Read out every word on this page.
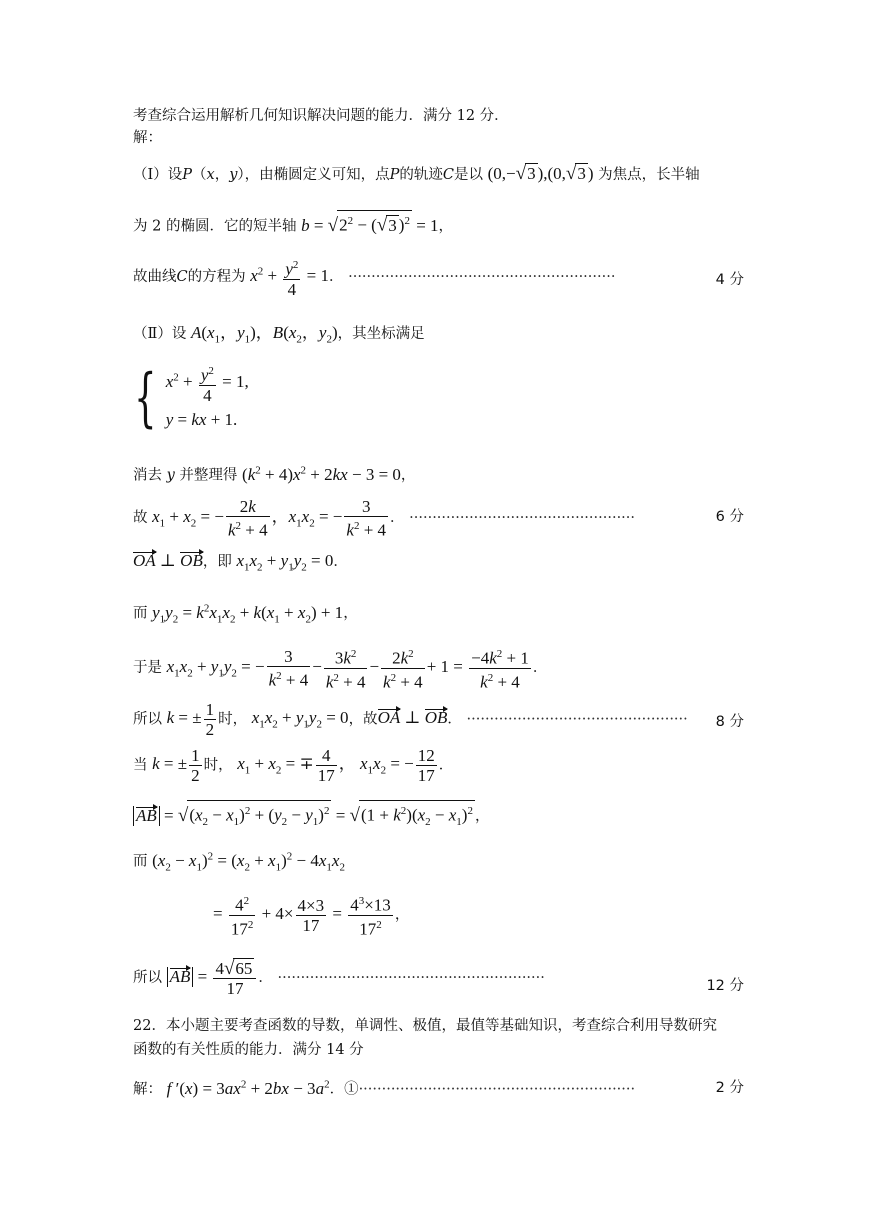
考查综合运用解析几何知识解决问题的能力．满分 12 分．
解：
（Ⅰ）设P（x，y），由椭圆定义可知，点P的轨迹C是以 (0,−√3 ),(0,√3 ) 为焦点，长半轴
为 2 的椭圆．它的短半轴 $b = √2^2 - (√3$ )$^2$ = 1，
故曲线C的方程为 $x^2 + \frac{y^2}{4} = 1$． ··························································	4 分
（Ⅱ）设 $A(x_1$，$y_1$)，$B(x_2$，$y_2$)，其坐标满足
{ $x^2 + \frac{y^2}{4} = 1$,
y = kx + 1.
消去 y 并整理得 $(k^2 + 4)x^2 + 2kx - 3 = 0$，
故 $x_1 + x_2$ = − $\frac{2k}{k^2 + 4}$ ，$x_1x_2$ = − $\frac{3}{k^2 + 4}$ ． ·················································	6 分
OA ⊥ OB，即 $x_1x_2 + y_1y_2 = 0$．
而 $y_1y_2 = k^2x_1x_2 + k(x_1 + x_2) + 1$，
于是 $x_1x_2 + y_1y_2$ = − $\frac{3}{k^2 + 4} - \frac{3k^2}{k^2 + 4} - \frac{2k^2}{k^2 + 4} + 1 = \frac{-4k^2 + 1}{k^2 + 4}$ ．
所以 k = ± $\frac{1}{2}$ 时， $x_1x_2 + y_1y_2 = 0$，故OA ⊥ OB． ················································	8 分
当 k = ± $\frac{1}{2}$ 时， $x_1 + x_2$ = ∓ $\frac{4}{17}$ ， $x_1x_2$ = − $\frac{12}{17}$ ．
AB = $√(x_2 - x_1)^2 + (y_2 - y_1)^2 = √(1 + k^2)(x_2 - x_1)^2$ ，
而 $(x_2 - x_1)^2 = (x_2 + x_1)^2 - 4x_1x_2$
= $\frac{4^2}{17^2} + 4\times \frac{4\times 3}{17} = \frac{4^3\times 13}{17^2}$ ，
所以 AB = $\frac{4√65}{17}$ ． ··························································
12 分
22．本小题主要考查函数的导数，单调性、极值，最值等基础知识，考查综合利用导数研究
函数的有关性质的能力．满分 14 分
解： f $'(x) = 3ax^2 + 2bx - 3a^2$．①····························································	2 分
